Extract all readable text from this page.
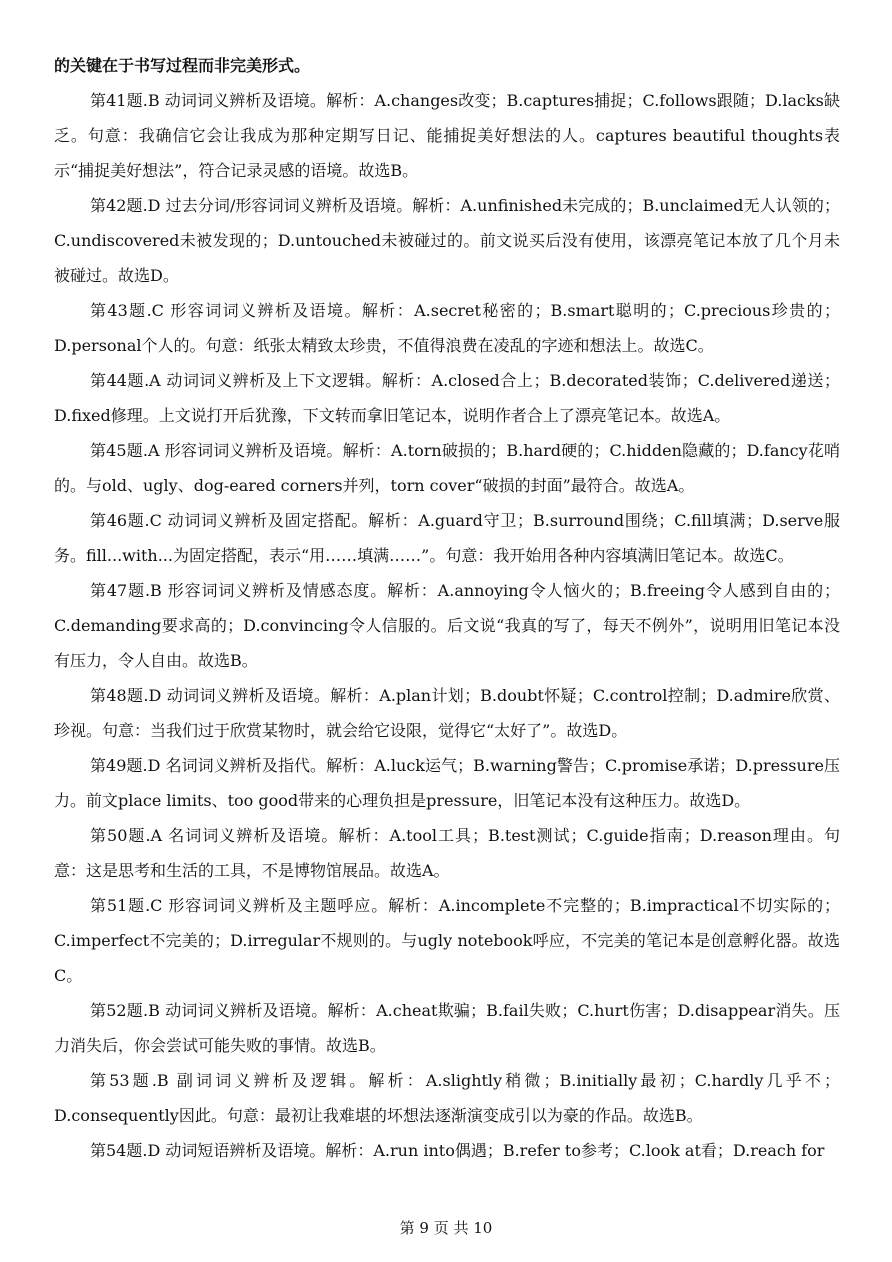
的关键在于书写过程而非完美形式。

第41题.B 动词词义辨析及语境。解析：A.changes改变；B.captures捕捉；C.follows跟随；D.lacks缺乏。句意：我确信它会让我成为那种定期写日记、能捕捉美好想法的人。captures beautiful thoughts表示“捕捉美好想法”，符合记录灵感的语境。故选B。

第42题.D 过去分词/形容词词义辨析及语境。解析：A.unfinished未完成的；B.unclaimed无人认领的；C.undiscovered未被发现的；D.untouched未被碰过的。前文说买后没有使用，该漂亮笔记本放了几个月未被碰过。故选D。

第43题.C 形容词词义辨析及语境。解析：A.secret秘密的；B.smart聪明的；C.precious珍贵的；D.personal个人的。句意：纸张太精致太珍贵，不值得浪费在凌乱的字迹和想法上。故选C。

第44题.A 动词词义辨析及上下文逻辑。解析：A.closed合上；B.decorated装饰；C.delivered递送；D.fixed修理。上文说打开后犹豫，下文转而拿旧笔记本，说明作者合上了漂亮笔记本。故选A。

第45题.A 形容词词义辨析及语境。解析：A.torn破损的；B.hard硬的；C.hidden隐藏的；D.fancy花哨的。与old、ugly、dog-eared corners并列，torn cover“破损的封面”最符合。故选A。

第46题.C 动词词义辨析及固定搭配。解析：A.guard守卫；B.surround围绕；C.fill填满；D.serve服务。fill...with...为固定搭配，表示“用……填满……”。句意：我开始用各种内容填满旧笔记本。故选C。

第47题.B 形容词词义辨析及情感态度。解析：A.annoying令人恼火的；B.freeing令人感到自由的；C.demanding要求高的；D.convincing令人信服的。后文说“我真的写了，每天不例外”，说明用旧笔记本没有压力，令人自由。故选B。

第48题.D 动词词义辨析及语境。解析：A.plan计划；B.doubt怀疑；C.control控制；D.admire欣赏、珍视。句意：当我们过于欣赏某物时，就会给它设限，觉得它“太好了”。故选D。

第49题.D 名词词义辨析及指代。解析：A.luck运气；B.warning警告；C.promise承诺；D.pressure压力。前文place limits、too good带来的心理负担是pressure，旧笔记本没有这种压力。故选D。

第50题.A 名词词义辨析及语境。解析：A.tool工具；B.test测试；C.guide指南；D.reason理由。句意：这是思考和生活的工具，不是博物馆展品。故选A。

第51题.C 形容词词义辨析及主题呼应。解析：A.incomplete不完整的；B.impractical不切实际的；C.imperfect不完美的；D.irregular不规则的。与ugly notebook呼应，不完美的笔记本是创意孵化器。故选C。

第52题.B 动词词义辨析及语境。解析：A.cheat欺骗；B.fail失败；C.hurt伤害；D.disappear消失。压力消失后，你会尝试可能失败的事情。故选B。

第53题.B 副词词义辨析及逻辑。解析：A.slightly稍微；B.initially最初；C.hardly几乎不；D.consequently因此。句意：最初让我难堪的坏想法逐渐演变成引以为豪的作品。故选B。

第54题.D 动词短语辨析及语境。解析：A.run into偶遇；B.refer to参考；C.look at看；D.reach for

第 9 页 共 10
